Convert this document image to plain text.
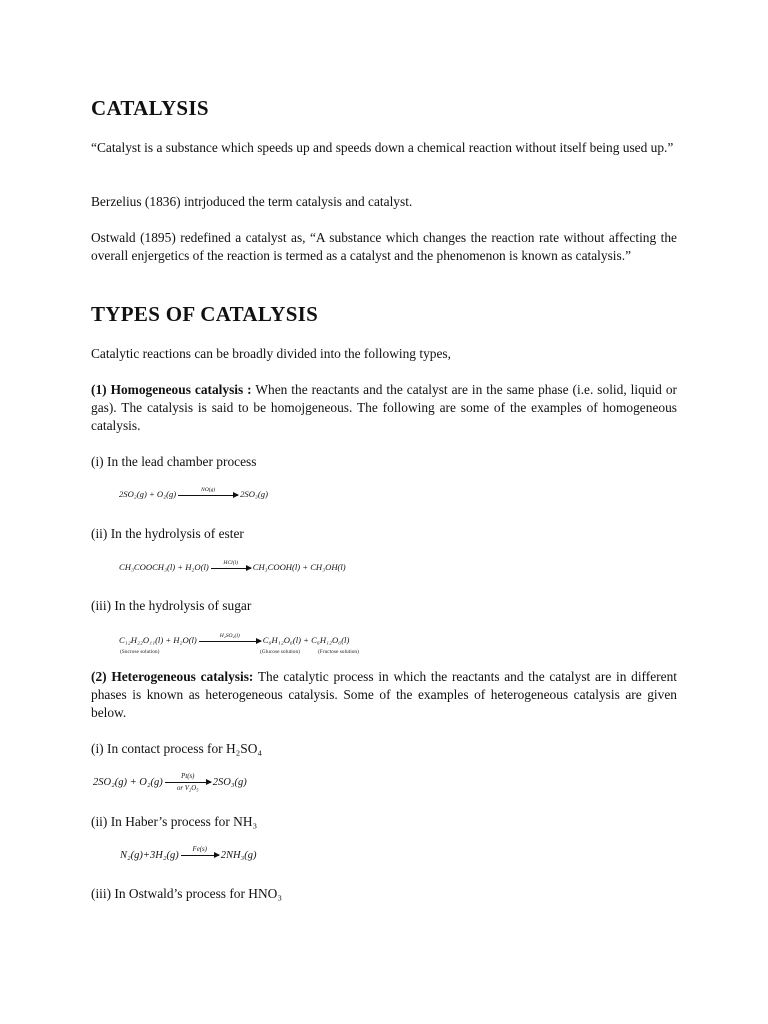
CATALYSIS
“Catalyst is a substance which speeds up and speeds down a chemical reaction without itself being used up.”
Berzelius (1836) intrjoduced the term catalysis and catalyst.
Ostwald (1895) redefined a catalyst as, “A substance which changes the reaction rate without affecting the overall enjergetics of the reaction is termed as a catalyst and the phenomenon is known as catalysis.”
TYPES OF CATALYSIS
Catalytic reactions can be broadly divided into the following types,
(1) Homogeneous catalysis : When the reactants and the catalyst are in the same phase (i.e. solid, liquid or gas). The catalysis is said to be homojgeneous. The following are some of the examples of homogeneous catalysis.
(i) In the lead chamber process
2SO₂(g) + O₂(g)	NO(g)	2SO₃(g)
(ii) In the hydrolysis of ester
CH₃COOCH₃(l) + H₂O(l)	HCl(l)	CH₃COOH(l) + CH₃OH(l)
(iii) In the hydrolysis of sugar
C₁₂H₂₂O₁₁(l) + H₂O(l)	H₂SO₄(l)	C₆H₁₂O₆(l) + C₆H₁₂O₆(l)
(Sucrose solution)	(Glucose solution)	(Fructose solution)
(2) Heterogeneous catalysis: The catalytic process in which the reactants and the catalyst are in different phases is known as heterogeneous catalysis. Some of the examples of heterogeneous catalysis are given below.
(i) In contact process for H₂SO₄
$2SO_2(g) + O_2(g) \frac{Pt(s)}{\text{or V₂O₅}} 2SO_3(g)$
(ii) In Haber’s process for NH₃
N₂(g)+3H₂(g)
Fe(s)
2NH₃(g)
(iii) In Ostwald’s process for HNO₃
